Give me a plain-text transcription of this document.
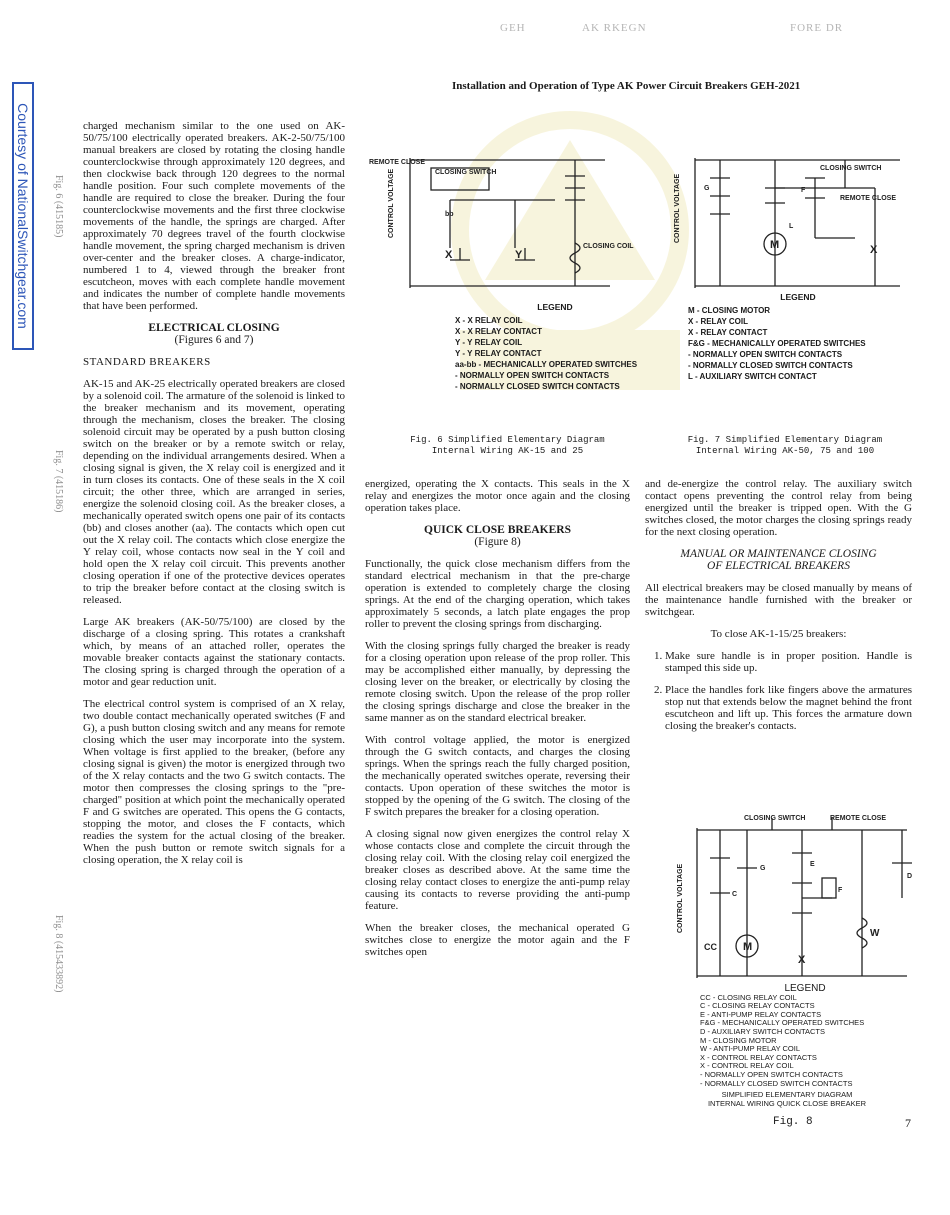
GEH	AK RKEGN	FORE DR
Courtesy of NationalSwitchgear.com Fig. 6 (415185)
Fig. 7 (415186)
Fig. 8 (415433892)
Installation and Operation of Type AK Power Circuit Breakers GEH-2021

charged mechanism similar to the one used on AK-50/75/100 electrically operated breakers. AK-2-50/75/100 manual breakers are closed by rotating the closing handle counterclockwise through approximately 120 degrees, and then clockwise back through 120 degrees to the normal handle position. Four such complete movements of the handle are required to close the breaker. During the four counterclockwise movements and the first three clockwise movements of the handle, the springs are charged. After approximately 70 degrees travel of the fourth clockwise handle movement, the spring charged mechanism is driven over-center and the breaker closes. A charge-indicator, numbered 1 to 4, viewed through the breaker front escutcheon, moves with each complete handle movement and indicates the number of complete handle movements that have been performed.

ELECTRICAL CLOSING
(Figures 6 and 7)
STANDARD BREAKERS

AK-15 and AK-25 electrically operated breakers are closed by a solenoid coil. The armature of the solenoid is linked to the breaker mechanism and its movement, operating through the mechanism, closes the breaker. The closing solenoid circuit may be operated by a push button closing switch on the breaker or by a remote switch or relay, depending on the individual arrangements desired. When a closing signal is given, the X relay coil is energized and it in turn closes its contacts. One of these seals in the X coil circuit; the other three, which are arranged in series, energize the solenoid closing coil. As the breaker closes, a mechanically operated switch opens one pair of its contacts (bb) and closes another (aa). The contacts which open cut out the X relay coil. The contacts which close energize the Y relay coil, whose contacts now seal in the Y coil and hold open the X relay coil circuit. This prevents another closing operation if one of the protective devices operates to trip the breaker before contact at the closing switch is released.

Large AK breakers (AK-50/75/100) are closed by the discharge of a closing spring. This rotates a crankshaft which, by means of an attached roller, operates the movable breaker contacts against the stationary contacts. The closing spring is charged through the operation of a motor and gear reduction unit.

The electrical control system is comprised of an X relay, two double contact mechanically operated switches (F and G), a push button closing switch and any means for remote closing which the user may incorporate into the system. When voltage is first applied to the breaker, (before any closing signal is given) the motor is energized through two of the X relay contacts and the two G switch contacts. The motor then compresses the closing springs to the "pre-charged" position at which point the mechanically operated F and G switches are operated. This opens the G contacts, stopping the motor, and closes the F contacts, which readies the system for the actual closing of the breaker. When the push button or remote switch signals for a closing operation, the X relay coil is

REMOTE CLOSE
CLOSING SWITCH
CONTROL VOLTAGE
CLOSING COIL
bb
X	Y
LEGEND
X - X RELAY COIL
X - X RELAY CONTACT
Y - Y RELAY COIL
Y - Y RELAY CONTACT
aa-bb - MECHANICALLY OPERATED SWITCHES
- NORMALLY OPEN SWITCH CONTACTS
- NORMALLY CLOSED SWITCH CONTACTS
Fig. 6 Simplified Elementary Diagram
Internal Wiring AK-15 and 25
CLOSING SWITCH
REMOTE CLOSE
CONTROL VOLTAGE
M	X
L
F
G
LEGEND
M - CLOSING MOTOR
X - RELAY COIL
X - RELAY CONTACT
F&G - MECHANICALLY OPERATED SWITCHES
- NORMALLY OPEN SWITCH CONTACTS
- NORMALLY CLOSED SWITCH CONTACTS
L - AUXILIARY SWITCH CONTACT
Fig. 7 Simplified Elementary Diagram
Internal Wiring AK-50, 75 and 100

energized, operating the X contacts. This seals in the X relay and energizes the motor once again and the closing operation takes place.

QUICK CLOSE BREAKERS
(Figure 8)

Functionally, the quick close mechanism differs from the standard electrical mechanism in that the pre-charge operation is extended to completely charge the closing springs. At the end of the charging operation, which takes approximately 5 seconds, a latch plate engages the prop roller to prevent the closing springs from discharging.

With the closing springs fully charged the breaker is ready for a closing operation upon release of the prop roller. This may be accomplished either manually, by depressing the closing lever on the breaker, or electrically by closing the remote closing switch. Upon the release of the prop roller the closing springs discharge and close the breaker in the same manner as on the standard electrical breaker.

With control voltage applied, the motor is energized through the G switch contacts, and charges the closing springs. When the springs reach the fully charged position, the mechanically operated switches operate, reversing their contacts. Upon operation of these switches the motor is stopped by the opening of the G switch. The closing of the F switch prepares the breaker for a closing operation.

A closing signal now given energizes the control relay X whose contacts close and complete the circuit through the closing relay coil. With the closing relay coil energized the breaker closes as described above. At the same time the closing relay contact closes to energize the anti-pump relay causing its contacts to reverse providing the anti-pump feature.

When the breaker closes, the mechanical operated G switches close to energize the motor again and the F switches open

and de-energize the control relay. The auxiliary switch contact opens preventing the control relay from being energized until the breaker is tripped open. With the G switches closed, the motor charges the closing springs ready for the next closing operation.

MANUAL OR MAINTENANCE CLOSING
OF ELECTRICAL BREAKERS

All electrical breakers may be closed manually by means of the maintenance handle furnished with the breaker or switchgear.

To close AK-1-15/25 breakers:

1. Make sure handle is in proper position. Handle is stamped this side up.
2. Place the handles fork like fingers above the armatures stop nut that extends below the magnet behind the front escutcheon and lift up. This forces the armature down closing the breaker's contacts.
CLOSING SWITCH	REMOTE CLOSE
CONTROL VOLTAGE
CC M
X
W
E
G
F
D
C
LEGEND
CC - CLOSING RELAY COIL
C - CLOSING RELAY CONTACTS
E - ANTI-PUMP RELAY CONTACTS
F&G - MECHANICALLY OPERATED SWITCHES
D - AUXILIARY SWITCH CONTACTS
M - CLOSING MOTOR
W - ANTI-PUMP RELAY COIL
X - CONTROL RELAY CONTACTS
X - CONTROL RELAY COIL
- NORMALLY OPEN SWITCH CONTACTS
- NORMALLY CLOSED SWITCH CONTACTS
SIMPLIFIED ELEMENTARY DIAGRAM
INTERNAL WIRING QUICK CLOSE BREAKER
Fig. 8	7
